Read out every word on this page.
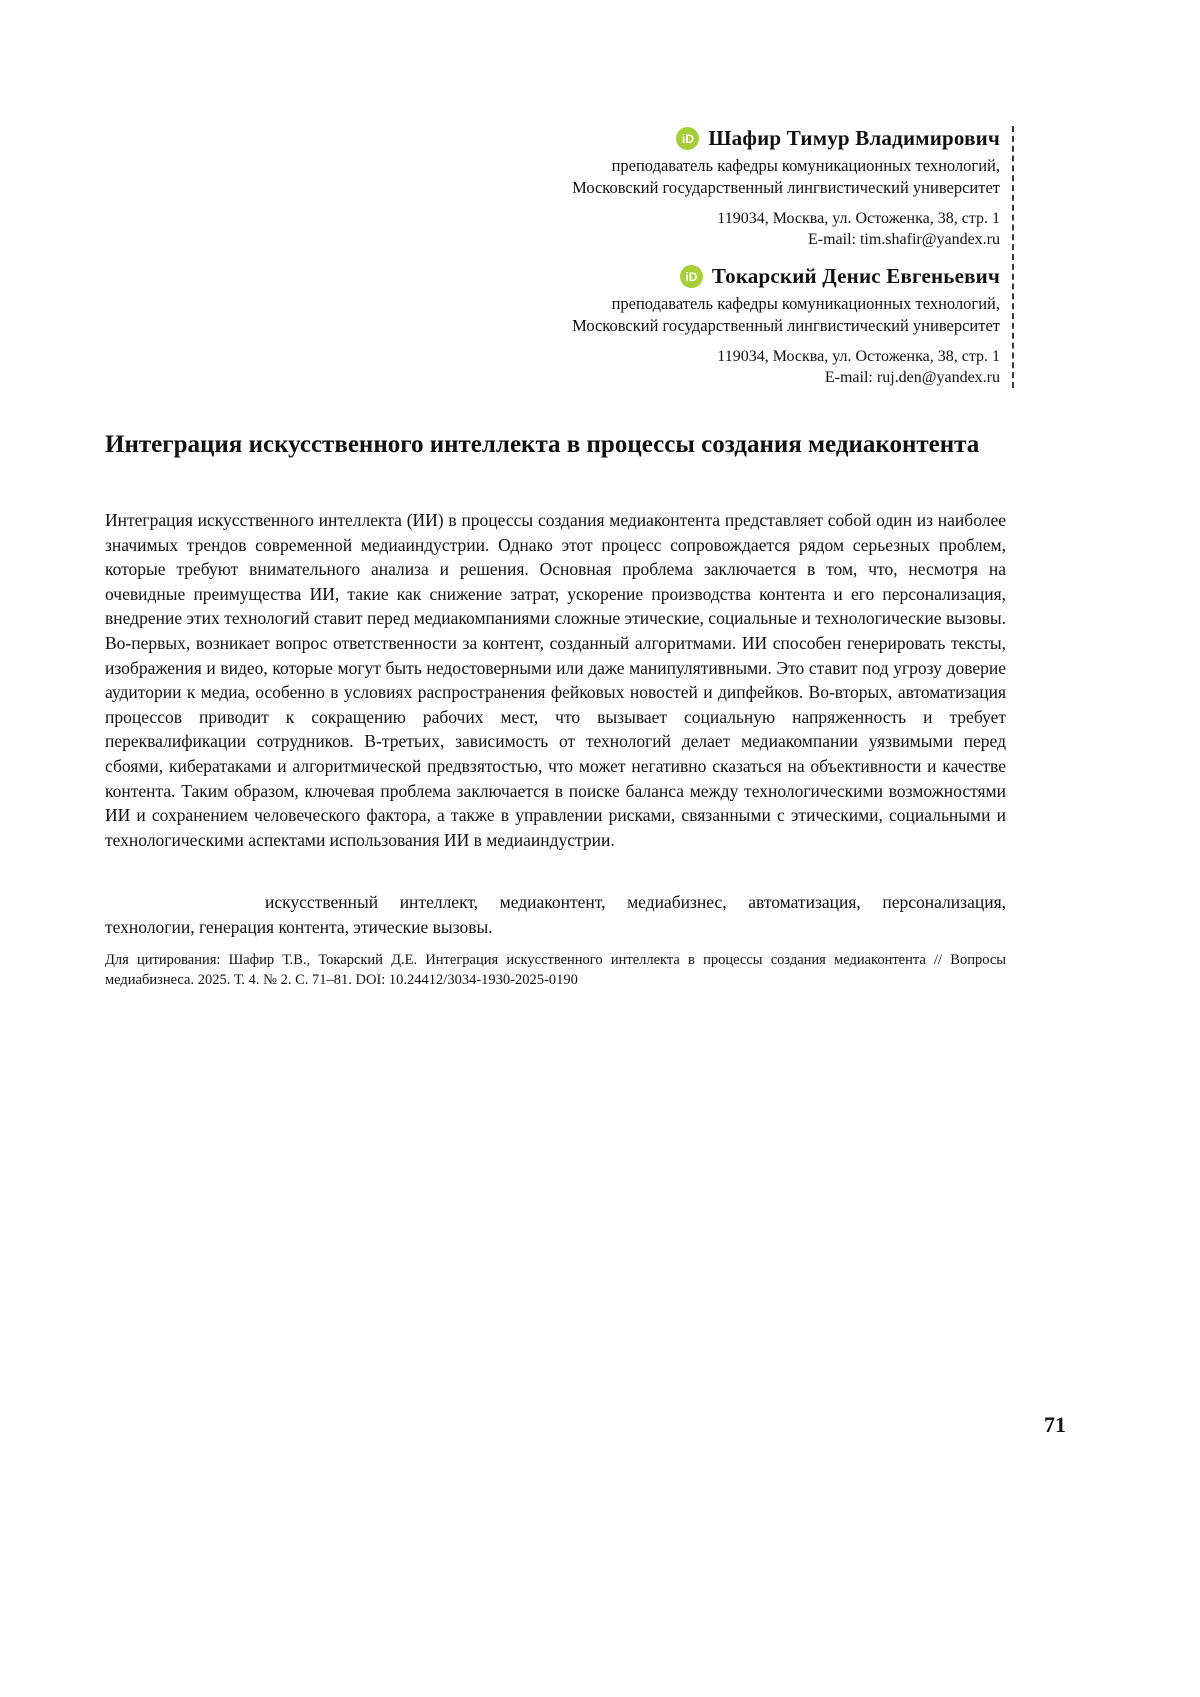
iD Шафир Тимур Владимирович
преподаватель кафедры комуникационных технологий,
Московский государственный лингвистический университет
119034, Москва, ул. Остоженка, 38, стр. 1
E-mail: tim.shafir@yandex.ru
iD Токарский Денис Евгеньевич
преподаватель кафедры комуникационных технологий,
Московский государственный лингвистический университет
119034, Москва, ул. Остоженка, 38, стр. 1
E-mail: ruj.den@yandex.ru
Интеграция искусственного интеллекта в процессы создания медиаконтента

Интеграция искусственного интеллекта (ИИ) в процессы создания медиаконтента представляет собой один из наиболее значимых трендов современной медиаиндустрии. Однако этот процесс сопровождается рядом серьезных проблем, которые требуют внимательного анализа и решения. Основная проблема заключается в том, что, несмотря на очевидные преимущества ИИ, такие как снижение затрат, ускорение производства контента и его персонализация, внедрение этих технологий ставит перед медиакомпаниями сложные этические, социальные и технологические вызовы. Во-первых, возникает вопрос ответственности за контент, созданный алгоритмами. ИИ способен генерировать тексты, изображения и видео, которые могут быть недостоверными или даже манипулятивными. Это ставит под угрозу доверие аудитории к медиа, особенно в условиях распространения фейковых новостей и дипфейков. Во-вторых, автоматизация процессов приводит к сокращению рабочих мест, что вызывает социальную напряженность и требует переквалификации сотрудников. В-третьих, зависимость от технологий делает медиакомпании уязвимыми перед сбоями, кибератаками и алгоритмической предвзятостью, что может негативно сказаться на объективности и качестве контента. Таким образом, ключевая проблема заключается в поиске баланса между технологическими возможностями ИИ и сохранением человеческого фактора, а также в управлении рисками, связанными с этическими, социальными и технологическими аспектами использования ИИ в медиаиндустрии.

искусственный интеллект, медиаконтент, медиабизнес, автоматизация, персонализация, технологии, генерация контента, этические вызовы.

Для цитирования: Шафир Т.В., Токарский Д.Е. Интеграция искусственного интеллекта в процессы создания медиаконтента // Вопросы медиабизнеса. 2025. Т. 4. № 2. С. 71–81. DOI: 10.24412/3034-1930-2025-0190

71
